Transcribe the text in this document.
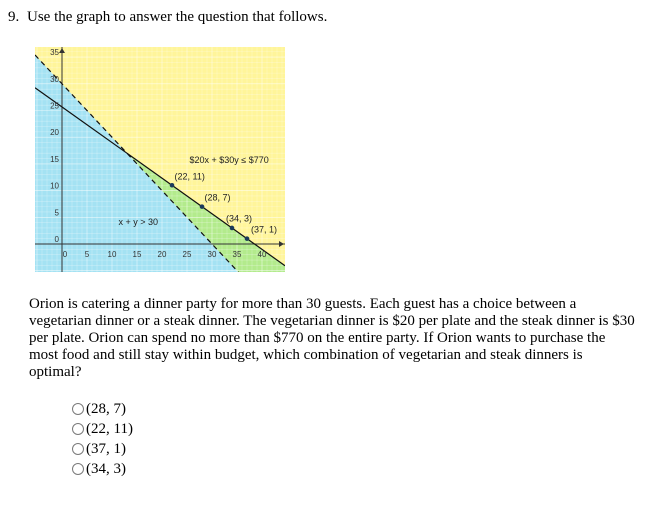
9. Use the graph to answer the question that follows.
0 5 10 15 20 25 30 35 40
0
5
10
15
20
25
30
35
$20x + $30y ≤ $770
x + y > 30
(22, 11)
(28, 7)
(34, 3)
(37, 1)
Orion is catering a dinner party for more than 30 guests. Each guest has a choice between a vegetarian dinner or a steak dinner. The vegetarian dinner is $20 per plate and the steak dinner is $30 per plate. Orion can spend no more than $770 on the entire party. If Orion wants to purchase the most food and still stay within budget, which combination of vegetarian and steak dinners is optimal?
(28, 7)
(22, 11)
(37, 1)
(34, 3)
